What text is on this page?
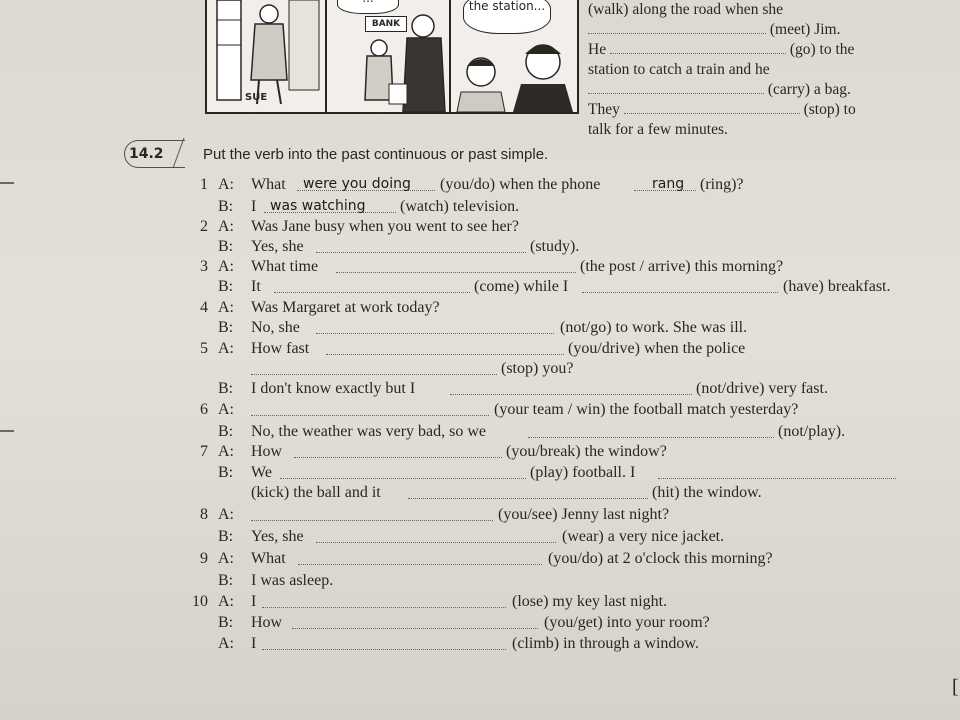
SUE
BANK
the station...	(walk) along the road when she
(meet) Jim.
He	(go) to the
station to catch a train and he
(carry) a bag.
They	(stop) to
talk for a few minutes.
14.2	Put the verb into the past continuous or past simple.
1 A: What were you doing (you/do) when the phone	rang (ring)?
B: I was watching (watch) television.
2 A: Was Jane busy when you went to see her?
B: Yes, she	(study).
3 A: What time	(the post / arrive) this morning?
B: It	(come) while I	(have) breakfast.
4 A: Was Margaret at work today?
B: No, she	(not/go) to work. She was ill.
5 A: How fast	(you/drive) when the police
(stop) you?
B: I don't know exactly but I	(not/drive) very fast.
6 A:	(your team / win) the football match yesterday?
B: No, the weather was very bad, so we	(not/play).
7 A: How	(you/break) the window?
B: We	(play) football. I
(kick) the ball and it	(hit) the window.
8 A:	(you/see) Jenny last night?
B: Yes, she	(wear) a very nice jacket.
9 A: What	(you/do) at 2 o'clock this morning?
B: I was asleep.
10 A: I	(lose) my key last night.
B: How	(you/get) into your room?
A: I	(climb) in through a window.
[
